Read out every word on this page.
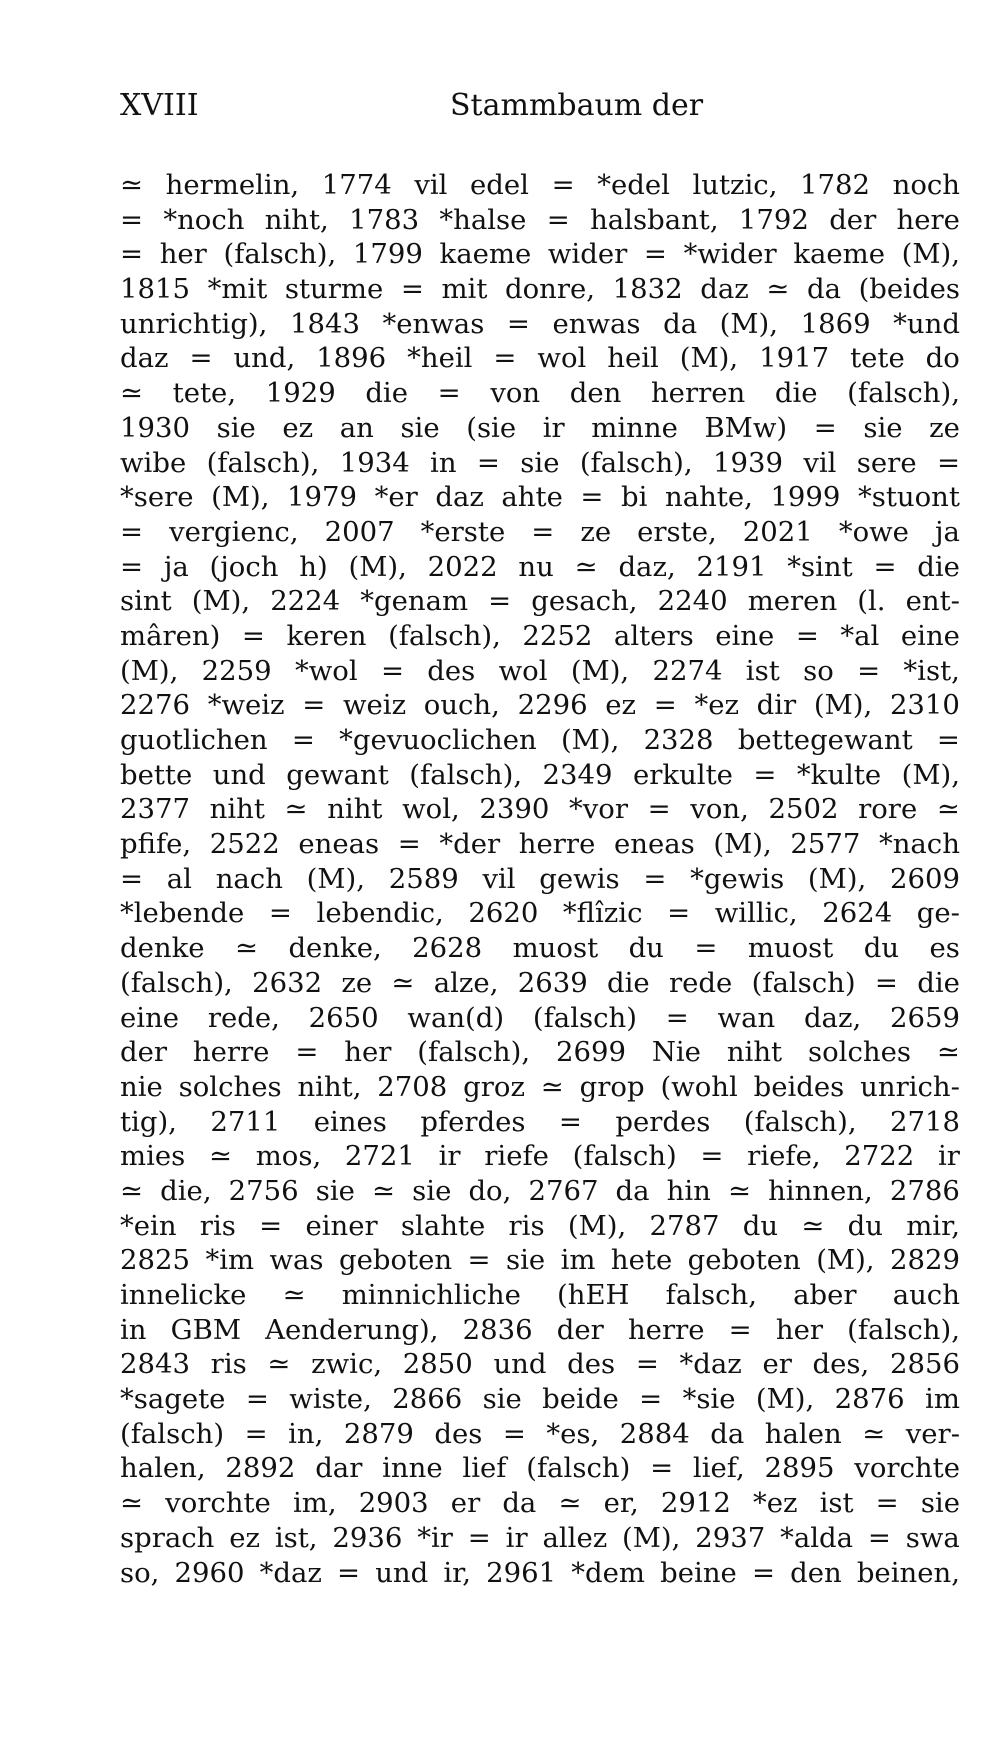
XVIII	Stammbaum der
≃ hermelin, 1774 vil edel = *edel lutzic, 1782 noch
= *noch niht, 1783 *halse = halsbant, 1792 der here
= her (falsch), 1799 kaeme wider = *wider kaeme (M),
1815 *mit sturme = mit donre, 1832 daz ≃ da (beides
unrichtig), 1843 *enwas = enwas da (M), 1869 *und
daz = und, 1896 *heil = wol heil (M), 1917 tete do
≃ tete, 1929 die = von den herren die (falsch),
1930 sie ez an sie (sie ir minne BMw) = sie ze
wibe (falsch), 1934 in = sie (falsch), 1939 vil sere =
*sere (M), 1979 *er daz ahte = bi nahte, 1999 *stuont
= vergienc, 2007 *erste = ze erste, 2021 *owe ja
= ja (joch h) (M), 2022 nu ≃ daz, 2191 *sint = die
sint (M), 2224 *genam = gesach, 2240 meren (l. ent-
mâren) = keren (falsch), 2252 alters eine = *al eine
(M), 2259 *wol = des wol (M), 2274 ist so = *ist,
2276 *weiz = weiz ouch, 2296 ez = *ez dir (M), 2310
guotlichen = *gevuoclichen (M), 2328 bettegewant =
bette und gewant (falsch), 2349 erkulte = *kulte (M),
2377 niht ≃ niht wol, 2390 *vor = von, 2502 rore ≃
pfife, 2522 eneas = *der herre eneas (M), 2577 *nach
= al nach (M), 2589 vil gewis = *gewis (M), 2609
*lebende = lebendic, 2620 *flîzic = willic, 2624 ge-
denke ≃ denke, 2628 muost du = muost du es
(falsch), 2632 ze ≃ alze, 2639 die rede (falsch) = die
eine rede, 2650 wan(d) (falsch) = wan daz, 2659
der herre = her (falsch), 2699 Nie niht solches ≃
nie solches niht, 2708 groz ≃ grop (wohl beides unrich-
tig), 2711 eines pferdes = perdes (falsch), 2718
mies ≃ mos, 2721 ir riefe (falsch) = riefe, 2722 ir
≃ die, 2756 sie ≃ sie do, 2767 da hin ≃ hinnen, 2786
*ein ris = einer slahte ris (M), 2787 du ≃ du mir,
2825 *im was geboten = sie im hete geboten (M), 2829
innelicke ≃ minnichliche (hEH falsch, aber auch
in GBM Aenderung), 2836 der herre = her (falsch),
2843 ris ≃ zwic, 2850 und des = *daz er des, 2856
*sagete = wiste, 2866 sie beide = *sie (M), 2876 im
(falsch) = in, 2879 des = *es, 2884 da halen ≃ ver-
halen, 2892 dar inne lief (falsch) = lief, 2895 vorchte
≃ vorchte im, 2903 er da ≃ er, 2912 *ez ist = sie
sprach ez ist, 2936 *ir = ir allez (M), 2937 *alda = swa
so, 2960 *daz = und ir, 2961 *dem beine = den beinen,
